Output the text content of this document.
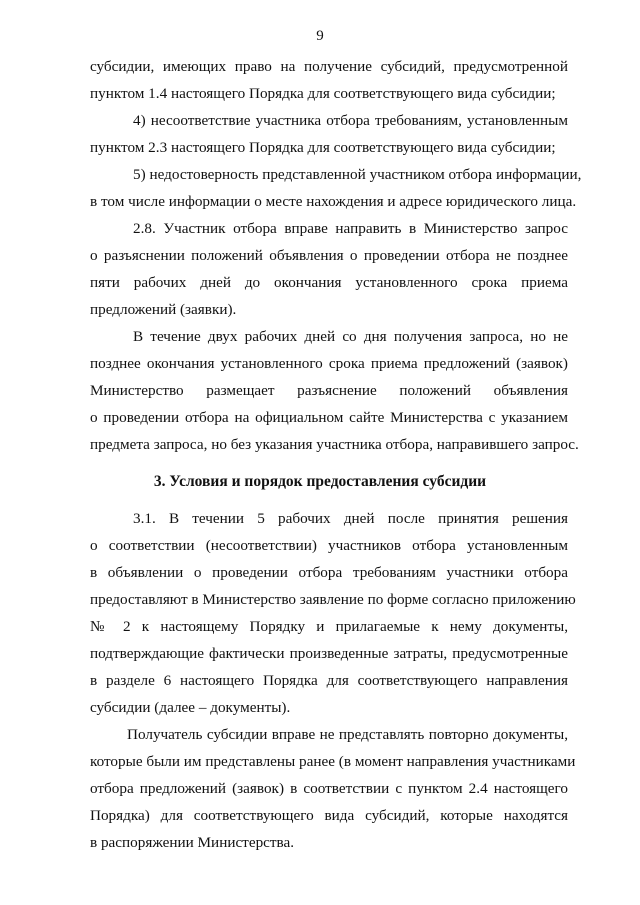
9
субсидии, имеющих право на получение субсидий, предусмотренной
пунктом 1.4 настоящего Порядка для соответствующего вида субсидии;
4) несоответствие участника отбора требованиям, установленным
пунктом 2.3 настоящего Порядка для соответствующего вида субсидии;
5) недостоверность представленной участником отбора информации,
в том числе информации о месте нахождения и адресе юридического лица.
2.8. Участник отбора вправе направить в Министерство запрос
о разъяснении положений объявления о проведении отбора не позднее
пяти рабочих дней до окончания установленного срока приема
предложений (заявки).
В течение двух рабочих дней со дня получения запроса, но не
позднее окончания установленного срока приема предложений (заявок)
Министерство размещает разъяснение положений объявления
о проведении отбора на официальном сайте Министерства с указанием
предмета запроса, но без указания участника отбора, направившего запрос.
3. Условия и порядок предоставления субсидии
3.1. В течении 5 рабочих дней после принятия решения
о соответствии (несоответствии) участников отбора установленным
в объявлении о проведении отбора требованиям участники отбора
предоставляют в Министерство заявление по форме согласно приложению
№ 2 к настоящему Порядку и прилагаемые к нему документы,
подтверждающие фактически произведенные затраты, предусмотренные
в разделе 6 настоящего Порядка для соответствующего направления
субсидии (далее – документы).
Получатель субсидии вправе не представлять повторно документы,
которые были им представлены ранее (в момент направления участниками
отбора предложений (заявок) в соответствии с пунктом 2.4 настоящего
Порядка) для соответствующего вида субсидий, которые находятся
в распоряжении Министерства.
